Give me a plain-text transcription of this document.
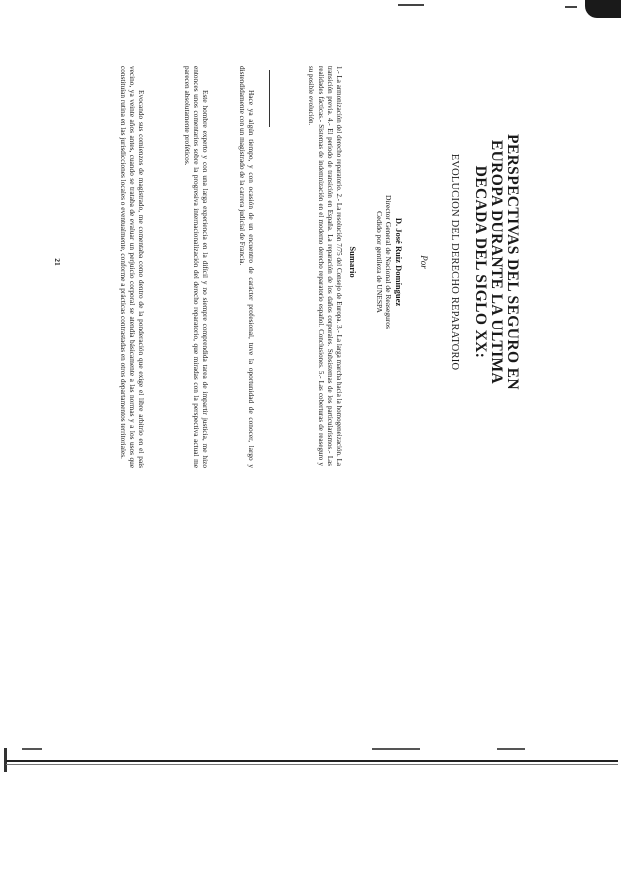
PERSPECTIVAS DEL SEGURO EN
EUROPA DURANTE LA ULTIMA
DECADA DEL SIGLO XX:
EVOLUCION DEL DERECHO REPARATORIO
Por
D. José Ruiz Domínguez
Director General de Nacional de Reaseguros
Cedido por gentileza de UNESPA
Sumario

1.- La armonización del derecho reparatorio. 2.- La resolución 7/75 del Consejo de Europa. 3.- La larga marcha hacia la homogeneización. La transición previa. 4.- El periodo de transición en España. La reparación de los daños corporales. Subsistemas de los particularismos.- Las realidades fácticas.- Sistemas de indemnización en el moderno derecho reparatorio español. Conclusiones. 5.- Las coberturas de reaseguro y su posible evolución.

Hace ya algún tiempo, y con ocasión de un encuentro de carácter profesional, tuve la oportunidad de conocer, largo y distendidamente con un magistrado de la carrera judicial de Francia.

Este hombre experto y con una larga experiencia en la difícil y no siempre comprendida tarea de impartir justicia, me hizo entonces unos comentarios sobre la progresiva internacionalización del derecho reparatorio, que miradas con la perspectiva actual me parecen absolutamente proféticos.

Evocando sus comienzos de magistrado, me comentaba como dentro de la ponderación que exige el libre arbitrio en el país vecino, ya veinte años antes, cuando se trataba de evaluar un perjuicio corporal se atendía básicamente a las normas y a los usos que constituían rutina en las jurisdicciones locales o eventualmente, conforme a prácticas contrastadas en otros departamentos territoriales.

21
